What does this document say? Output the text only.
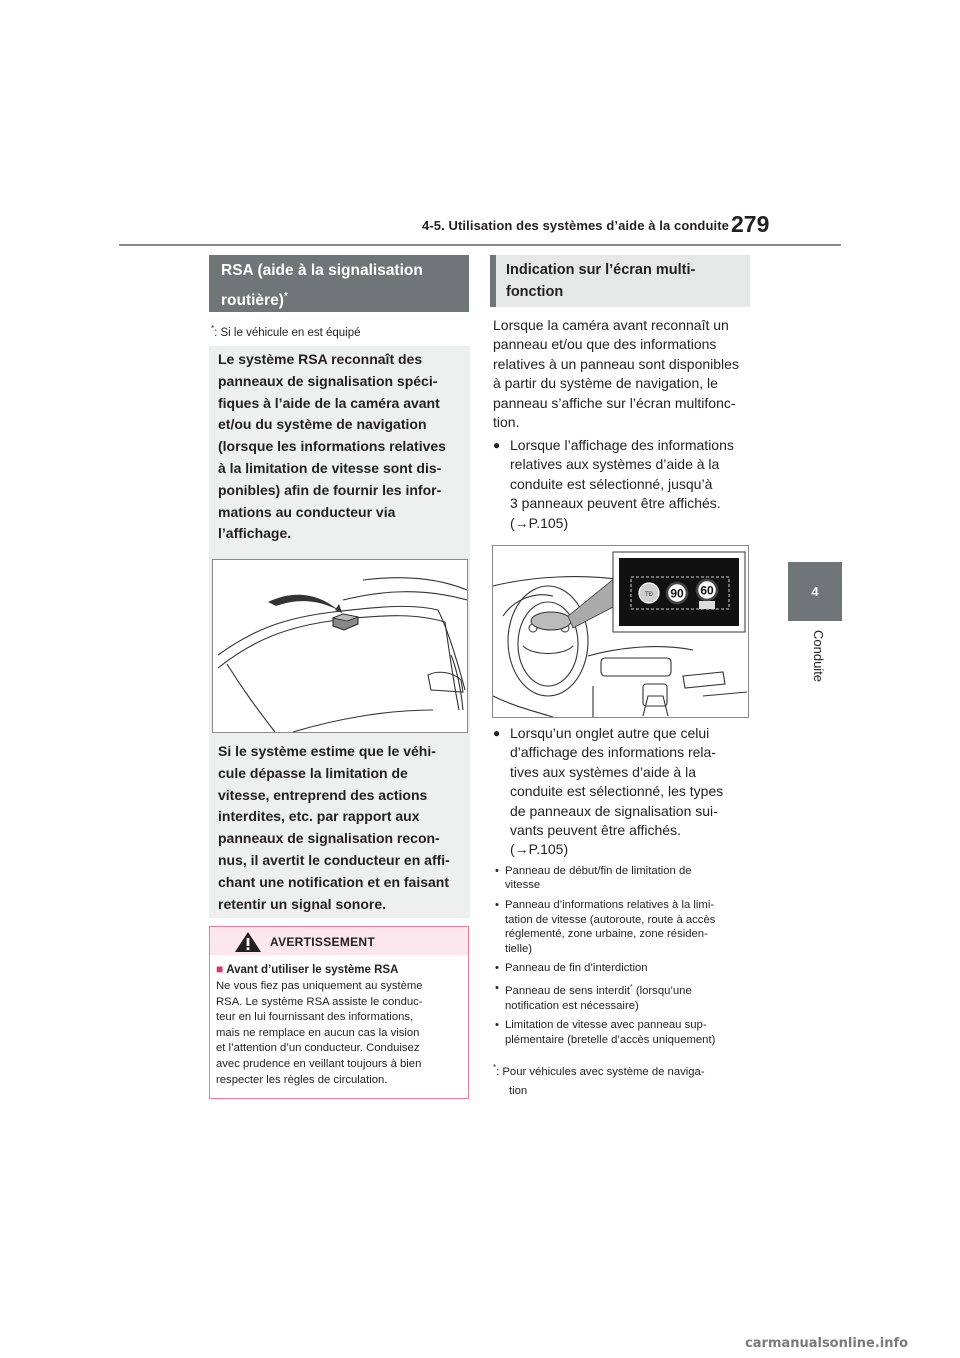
4-5. Utilisation des systèmes d’aide à la conduite 279
4
Conduite
RSA (aide à la signalisation routière)*
*: Si le véhicule en est équipé
Le système RSA reconnaît des
panneaux de signalisation spéci-
fiques à l’aide de la caméra avant
et/ou du système de navigation
(lorsque les informations relatives
à la limitation de vitesse sont dis-
ponibles) afin de fournir les infor-
mations au conducteur via
l’affichage.
Si le système estime que le véhi-
cule dépasse la limitation de
vitesse, entreprend des actions
interdites, etc. par rapport aux
panneaux de signalisation recon-
nus, il avertit le conducteur en affi-
chant une notification et en faisant
retentir un signal sonore.
AVERTISSEMENT
■ Avant d’utiliser le système RSA
Ne vous fiez pas uniquement au système
RSA. Le système RSA assiste le conduc-
teur en lui fournissant des informations,
mais ne remplace en aucun cas la vision
et l’attention d’un conducteur. Conduisez
avec prudence en veillant toujours à bien
respecter les règles de circulation.
Indication sur l’écran multi-
fonction
Lorsque la caméra avant reconnaît un
panneau et/ou que des informations
relatives à un panneau sont disponibles
à partir du système de navigation, le
panneau s’affiche sur l’écran multifonc-
tion.
● Lorsque l’affichage des informations
relatives aux systèmes d’aide à la
conduite est sélectionné, jusqu’à
3 panneaux peuvent être affichés.
(→P.105)
ТÐ 90 60
● Lorsqu’un onglet autre que celui
d’affichage des informations rela-
tives aux systèmes d’aide à la
conduite est sélectionné, les types
de panneaux de signalisation sui-
vants peuvent être affichés.
(→P.105)
• Panneau de début/fin de limitation de
vitesse
• Panneau d’informations relatives à la limi-
tation de vitesse (autoroute, route à accès
réglementé, zone urbaine, zone résiden-
tielle)
• Panneau de fin d’interdiction
• Panneau de sens interdit* (lorsqu’une
notification est nécessaire)
• Limitation de vitesse avec panneau sup-
plémentaire (bretelle d’accès uniquement)
*: Pour véhicules avec système de naviga-
tion
carmanualsonline.info
